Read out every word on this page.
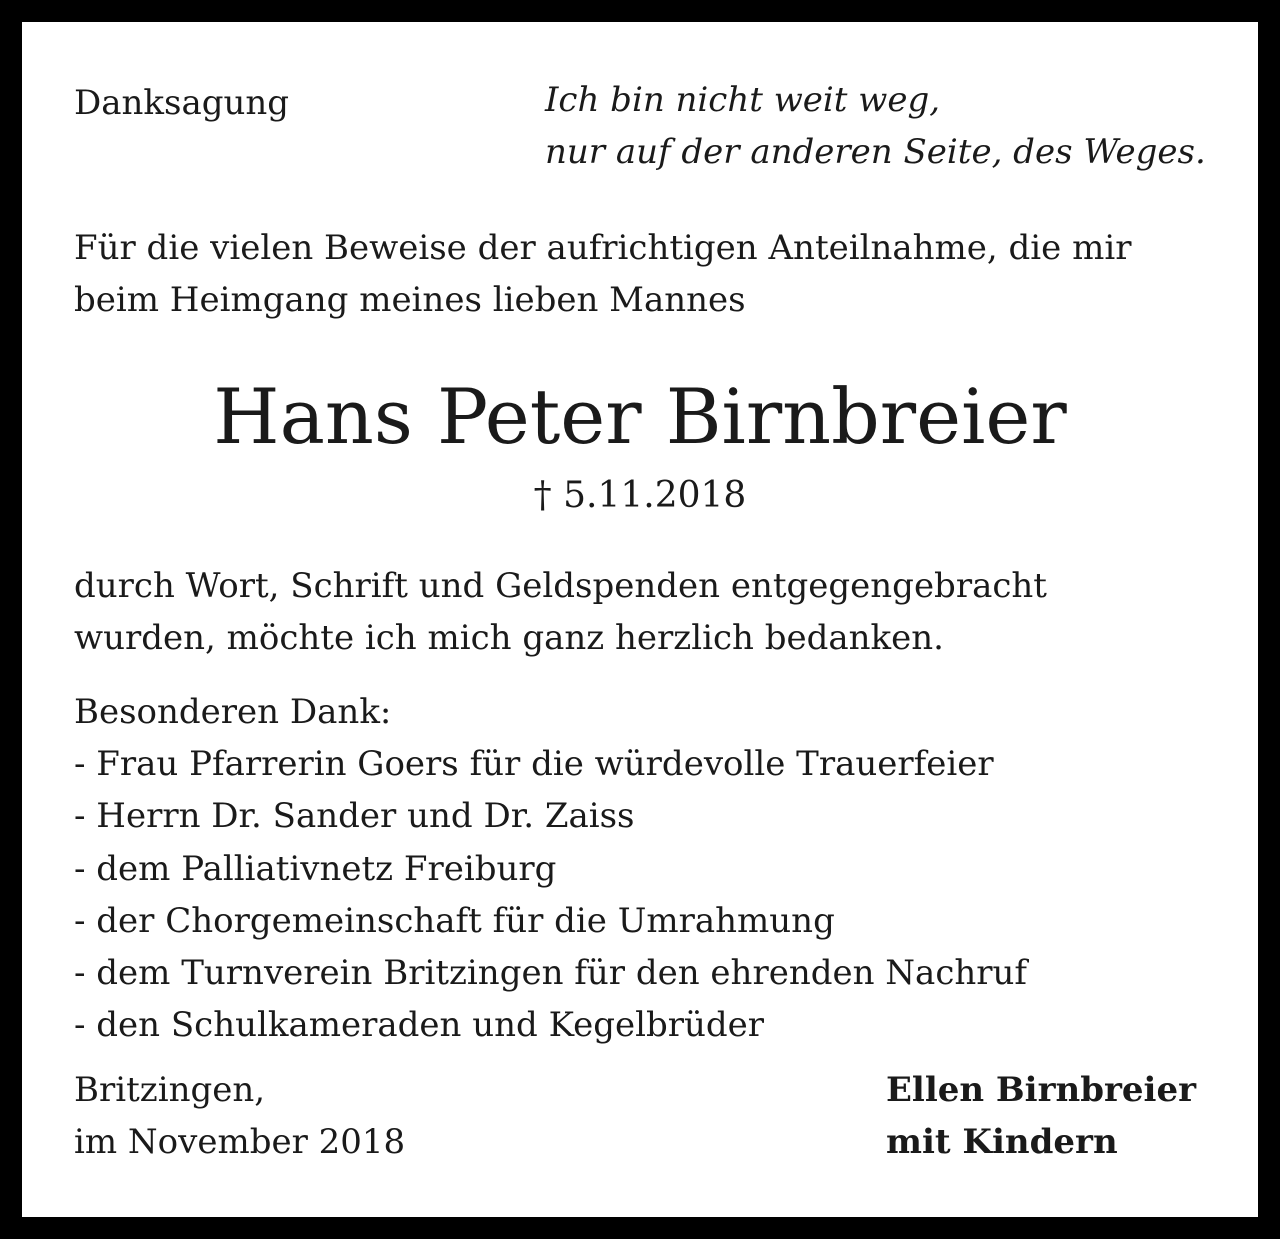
Danksagung	Ich bin nicht weit weg,
nur auf der anderen Seite, des Weges.
Für die vielen Beweise der aufrichtigen Anteilnahme, die mir
beim Heimgang meines lieben Mannes
Hans Peter Birnbreier
† 5.11.2018
durch Wort, Schrift und Geldspenden entgegengebracht
wurden, möchte ich mich ganz herzlich bedanken.
Besonderen Dank:
- Frau Pfarrerin Goers für die würdevolle Trauerfeier
- Herrn Dr. Sander und Dr. Zaiss
- dem Palliativnetz Freiburg
- der Chorgemeinschaft für die Umrahmung
- dem Turnverein Britzingen für den ehrenden Nachruf
- den Schulkameraden und Kegelbrüder
Britzingen,
im November 2018
Ellen Birnbreier
mit Kindern
